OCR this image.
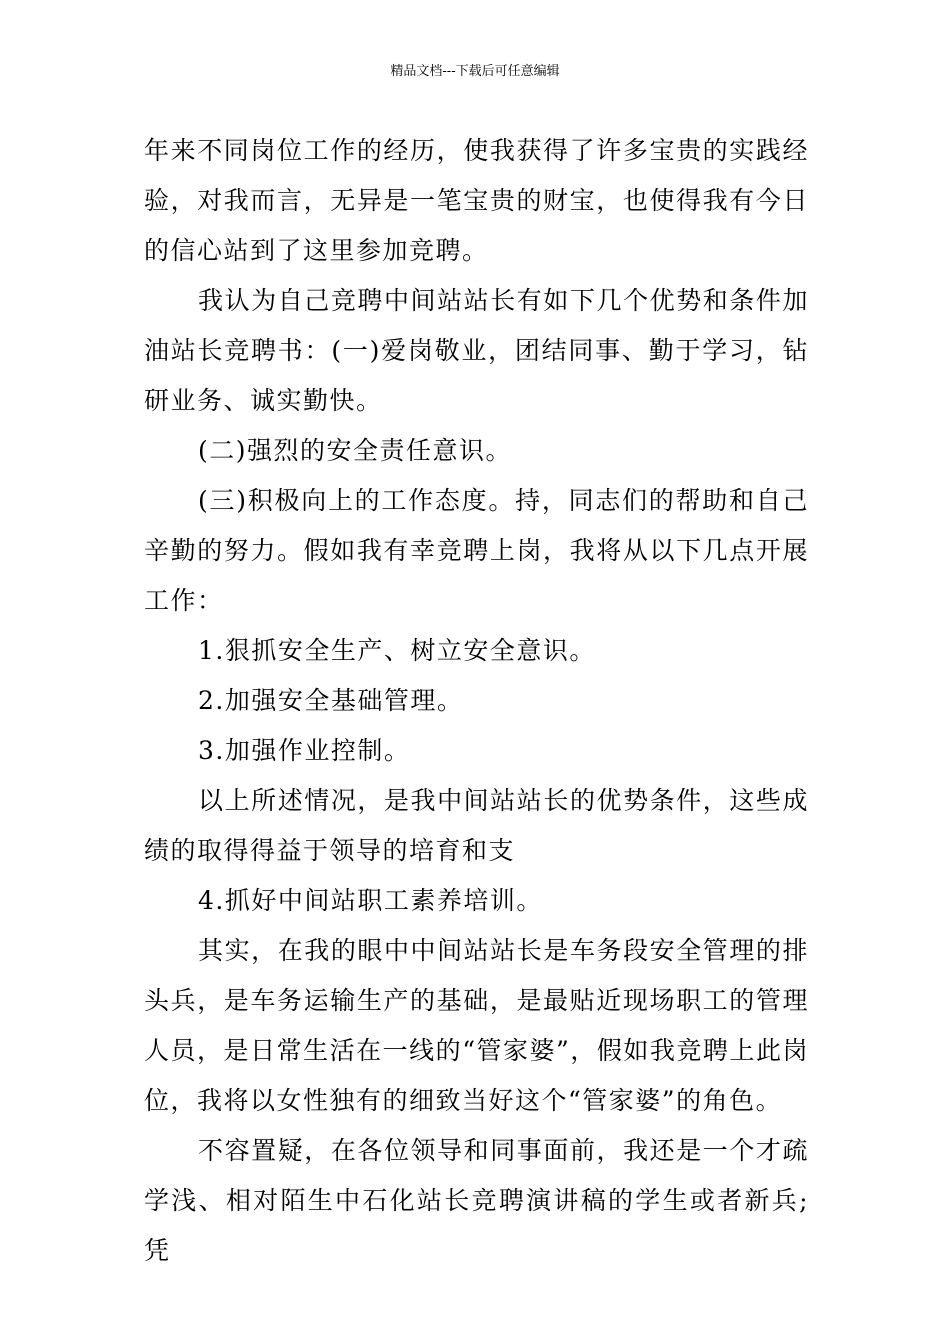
精品文档---下载后可任意编辑

年来不同岗位工作的经历，使我获得了许多宝贵的实践经验，对我而言，无异是一笔宝贵的财宝，也使得我有今日的信心站到了这里参加竞聘。

我认为自己竞聘中间站站长有如下几个优势和条件加油站长竞聘书：(一)爱岗敬业，团结同事、勤于学习，钻研业务、诚实勤快。

(二)强烈的安全责任意识。

(三)积极向上的工作态度。持，同志们的帮助和自己辛勤的努力。假如我有幸竞聘上岗，我将从以下几点开展工作：

1.狠抓安全生产、树立安全意识。

2.加强安全基础管理。

3.加强作业控制。

以上所述情况，是我中间站站长的优势条件，这些成绩的取得得益于领导的培育和支

4.抓好中间站职工素养培训。

其实，在我的眼中中间站站长是车务段安全管理的排头兵，是车务运输生产的基础，是最贴近现场职工的管理人员，是日常生活在一线的“管家婆”，假如我竞聘上此岗位，我将以女性独有的细致当好这个“管家婆”的角色。

不容置疑，在各位领导和同事面前，我还是一个才疏学浅、相对陌生中石化站长竞聘演讲稿的学生或者新兵;凭
